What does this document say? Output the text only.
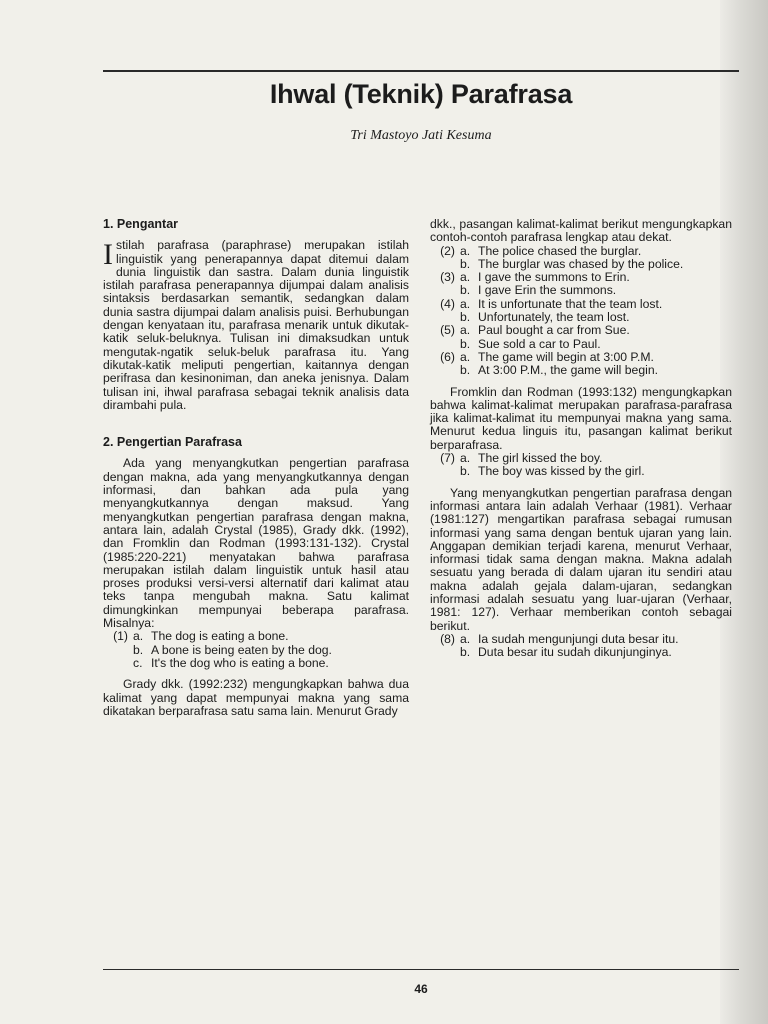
Ihwal (Teknik) Parafrasa
Tri Mastoyo Jati Kesuma
1. Pengantar

Istilah parafrasa (paraphrase) merupakan istilah linguistik yang penerapannya dapat ditemui dalam dunia linguistik dan sastra. Dalam dunia linguistik istilah parafrasa penerapannya dijumpai dalam analisis sintaksis berdasarkan semantik, sedangkan dalam dunia sastra dijumpai dalam analisis puisi. Berhubungan dengan kenyataan itu, parafrasa menarik untuk dikutak-katik seluk-beluknya. Tulisan ini dimaksudkan untuk mengutak-ngatik seluk-beluk parafrasa itu. Yang dikutak-katik meliputi pengertian, kaitannya dengan perifrasa dan kesinoniman, dan aneka jenisnya. Dalam tulisan ini, ihwal parafrasa sebagai teknik analisis data dirambahi pula.

2. Pengertian Parafrasa

Ada yang menyangkutkan pengertian parafrasa dengan makna, ada yang menyangkutkannya dengan informasi, dan bahkan ada pula yang menyangkutkannya dengan maksud. Yang menyangkutkan pengertian parafrasa dengan makna, antara lain, adalah Crystal (1985), Grady dkk. (1992), dan Fromklin dan Rodman (1993:131-132). Crystal (1985:220-221) menyatakan bahwa parafrasa merupakan istilah dalam linguistik untuk hasil atau proses produksi versi-versi alternatif dari kalimat atau teks tanpa mengubah makna. Satu kalimat dimungkinkan mempunyai beberapa parafrasa. Misalnya:

(1) a. The dog is eating a bone.
b. A bone is being eaten by the dog.
c. It's the dog who is eating a bone.

Grady dkk. (1992:232) mengungkapkan bahwa dua kalimat yang dapat mempunyai makna yang sama dikatakan berparafrasa satu sama lain. Menurut Grady

dkk., pasangan kalimat-kalimat berikut mengungkapkan contoh-contoh parafrasa lengkap atau dekat.

(2) a. The police chased the burglar.
b. The burglar was chased by the police.
(3) a. I gave the summons to Erin.
b. I gave Erin the summons.
(4) a. It is unfortunate that the team lost.
b. Unfortunately, the team lost.
(5) a. Paul bought a car from Sue.
b. Sue sold a car to Paul.
(6) a. The game will begin at 3:00 P.M.
b. At 3:00 P.M., the game will begin.

Fromklin dan Rodman (1993:132) mengungkapkan bahwa kalimat-kalimat merupakan parafrasa-parafrasa jika kalimat-kalimat itu mempunyai makna yang sama. Menurut kedua linguis itu, pasangan kalimat berikut berparafrasa.

(7) a. The girl kissed the boy.
b. The boy was kissed by the girl.

Yang menyangkutkan pengertian parafrasa dengan informasi antara lain adalah Verhaar (1981). Verhaar (1981:127) mengartikan parafrasa sebagai rumusan informasi yang sama dengan bentuk ujaran yang lain. Anggapan demikian terjadi karena, menurut Verhaar, informasi tidak sama dengan makna. Makna adalah sesuatu yang berada di dalam ujaran itu sendiri atau makna adalah gejala dalam-ujaran, sedangkan informasi adalah sesuatu yang luar-ujaran (Verhaar, 1981: 127). Verhaar memberikan contoh sebagai berikut.

(8) a. Ia sudah mengunjungi duta besar itu.
b. Duta besar itu sudah dikunjunginya.
46
